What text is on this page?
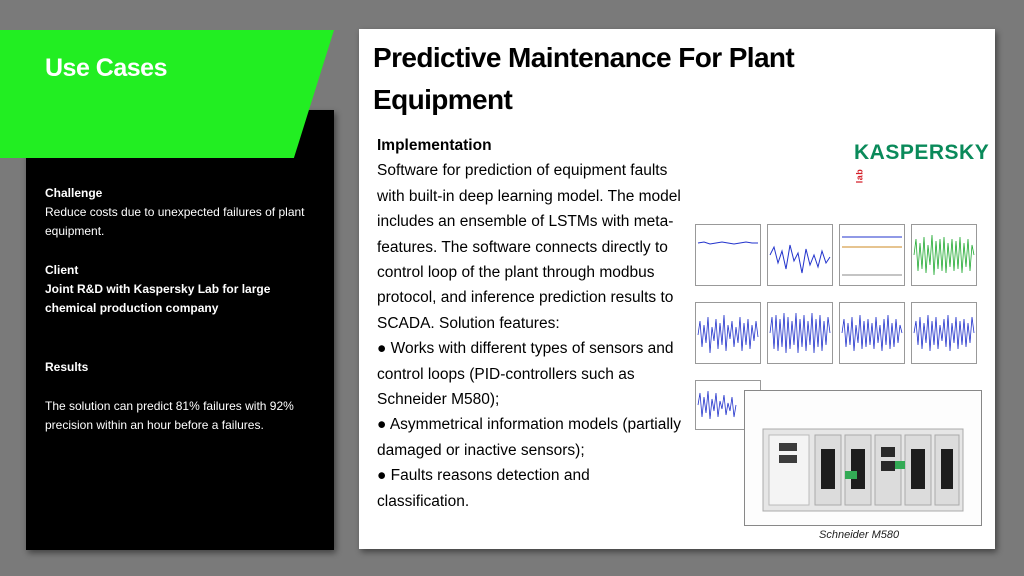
Use Cases
Challenge
Reduce costs due to unexpected failures of plant equipment.
Client
Joint R&D with Kaspersky Lab for large chemical production company
Results
The solution can predict 81% failures with 92% precision within an hour before a failures.
Predictive Maintenance For Plant Equipment
Implementation
Software for prediction of equipment faults with built-in deep learning model. The model includes an ensemble of LSTMs with meta-features. The software connects directly to control loop of the plant through modbus protocol, and inference prediction results to SCADA. Solution features:
● Works with different types of sensors and control loops (PID-controllers such as Schneider M580);
● Asymmetrical information models (partially damaged or inactive sensors);
● Faults reasons detection and classification.
KASPERSKYlab
Schneider M580
